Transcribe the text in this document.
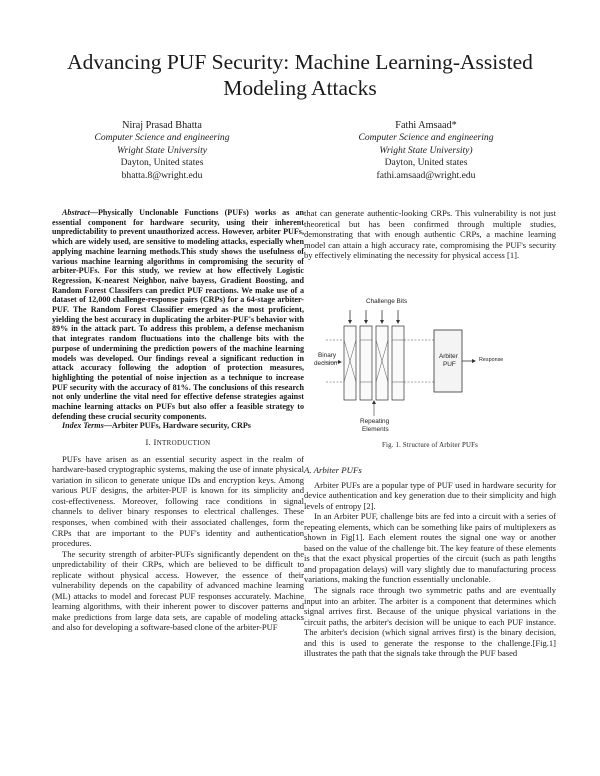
Advancing PUF Security: Machine Learning-Assisted Modeling Attacks
Niraj Prasad Bhatta
Computer Science and engineering
Wright State University
Dayton, United states
bhatta.8@wright.edu
Fathi Amsaad*
Computer Science and engineering
Wright State University)
Dayton, United states
fathi.amsaad@wright.edu

Abstract—Physically Unclonable Functions (PUFs) works as an essential component for hardware security, using their inherent unpredictability to prevent unauthorized access. However, arbiter PUFs, which are widely used, are sensitive to modeling attacks, especially when applying machine learning methods.This study shows the usefulness of various machine learning algorithms in compromising the security of arbiter-PUFs. For this study, we review at how effectively Logistic Regression, K-nearest Neighbor, naïve bayess, Gradient Boosting, and Random Forest Classifers can predict PUF reactions. We make use of a dataset of 12,000 challenge-response pairs (CRPs) for a 64-stage arbiter-PUF. The Random Forest Classifier emerged as the most proficient, yielding the best accuracy in duplicating the arbiter-PUF's behavior with 89% in the attack part. To address this problem, a defense mechanism that integrates random fluctuations into the challenge bits with the purpose of undermining the prediction powers of the machine learning models was developed. Our findings reveal a significant reduction in attack accuracy following the adoption of protection measures, highlighting the potential of noise injection as a technique to increase PUF security with the accuracy of 81%. The conclusions of this research not only underline the vital need for effective defense strategies against machine learning attacks on PUFs but also offer a feasible strategy to defending these crucial security components.

Index Terms—Arbiter PUFs, Hardware security, CRPs

I. INTRODUCTION

PUFs have arisen as an essential security aspect in the realm of hardware-based cryptographic systems, making the use of innate physical variation in silicon to generate unique IDs and encryption keys. Among various PUF designs, the arbiter-PUF is known for its simplicity and cost-effectiveness. Moreover, following race conditions in signal channels to deliver binary responses to electrical challenges. These responses, when combined with their associated challenges, form the CRPs that are important to the PUF's identity and authentication procedures.

The security strength of arbiter-PUFs significantly dependent on the unpredictability of their CRPs, which are believed to be difficult to replicate without physical access. However, the essence of their vulnerability depends on the capability of advanced machine learning (ML) attacks to model and forecast PUF responses accurately. Machine learning algorithms, with their inherent power to discover patterns and make predictions from large data sets, are capable of modeling attacks and also for developing a software-based clone of the arbiter-PUF

that can generate authentic-looking CRPs. This vulnerability is not just theoretical but has been confirmed through multiple studies, demonstrating that with enough authentic CRPs, a machine learning model can attain a high accuracy rate, compromising the PUF's security by effectively eliminating the necessity for physical access [1].

Challenge Bits
Binary
decision
Arbiter
PUF
Response
Repeating
Elements
Fig. 1. Structure of Arbiter PUFs
A. Arbiter PUFs

Arbiter PUFs are a popular type of PUF used in hardware security for device authentication and key generation due to their simplicity and high levels of entropy [2].

In an Arbiter PUF, challenge bits are fed into a circuit with a series of repeating elements, which can be something like pairs of multiplexers as shown in Fig[1]. Each element routes the signal one way or another based on the value of the challenge bit. The key feature of these elements is that the exact physical properties of the circuit (such as path lengths and propagation delays) will vary slightly due to manufacturing process variations, making the function essentially unclonable.

The signals race through two symmetric paths and are eventually input into an arbiter. The arbiter is a component that determines which signal arrives first. Because of the unique physical variations in the circuit paths, the arbiter's decision will be unique to each PUF instance. The arbiter's decision (which signal arrives first) is the binary decision, and this is used to generate the response to the challenge.[Fig.1] illustrates the path that the signals take through the PUF based
